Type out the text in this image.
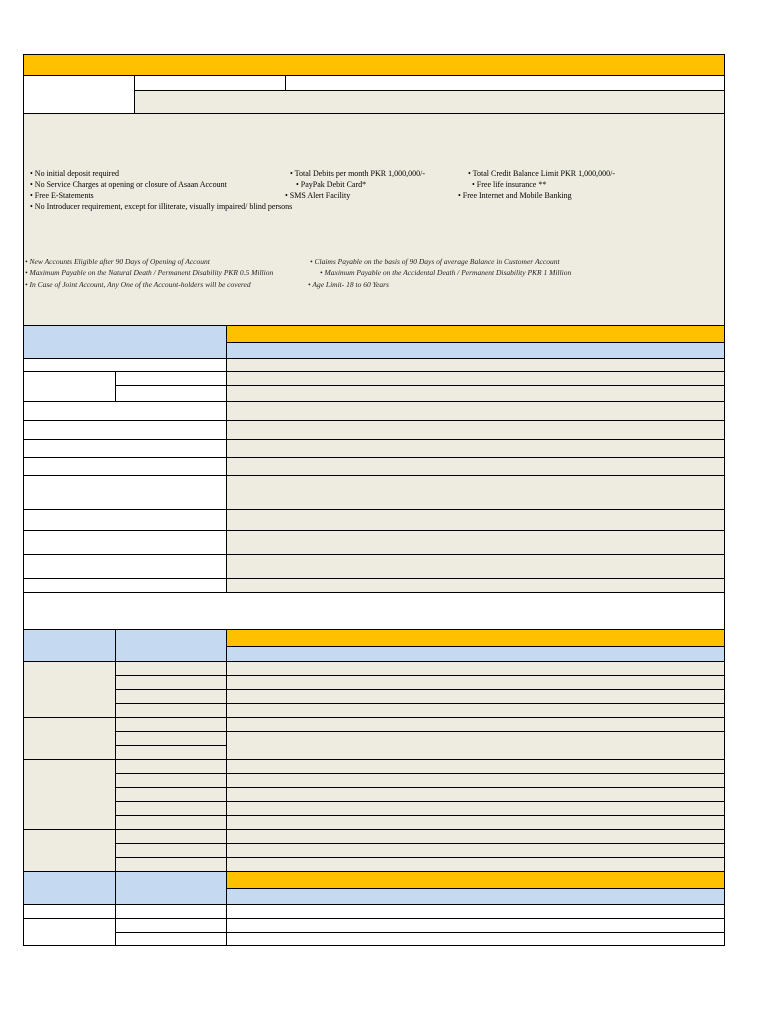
• No initial deposit required	• Total Debits per month PKR 1,000,000/-	• Total Credit Balance Limit PKR 1,000,000/-
• No Service Charges at opening or closure of Asaan Account	• PayPak Debit Card*	• Free life insurance **
• Free E-Statements	• SMS Alert Facility	• Free Internet and Mobile Banking
• No Introducer requirement, except for illiterate, visually impaired/ blind persons
• New Accounts Eligible after 90 Days of Opening of Account	• Claims Payable on the basis of 90 Days of average Balance in Customer Account
• Maximum Payable on the Natural Death / Permanent Disability PKR 0.5 Million	• Maximum Payable on the Accidental Death / Permanent Disability PKR 1 Million
• In Case of Joint Account, Any One of the Account-holders will be covered	• Age Limit- 18 to 60 Years
